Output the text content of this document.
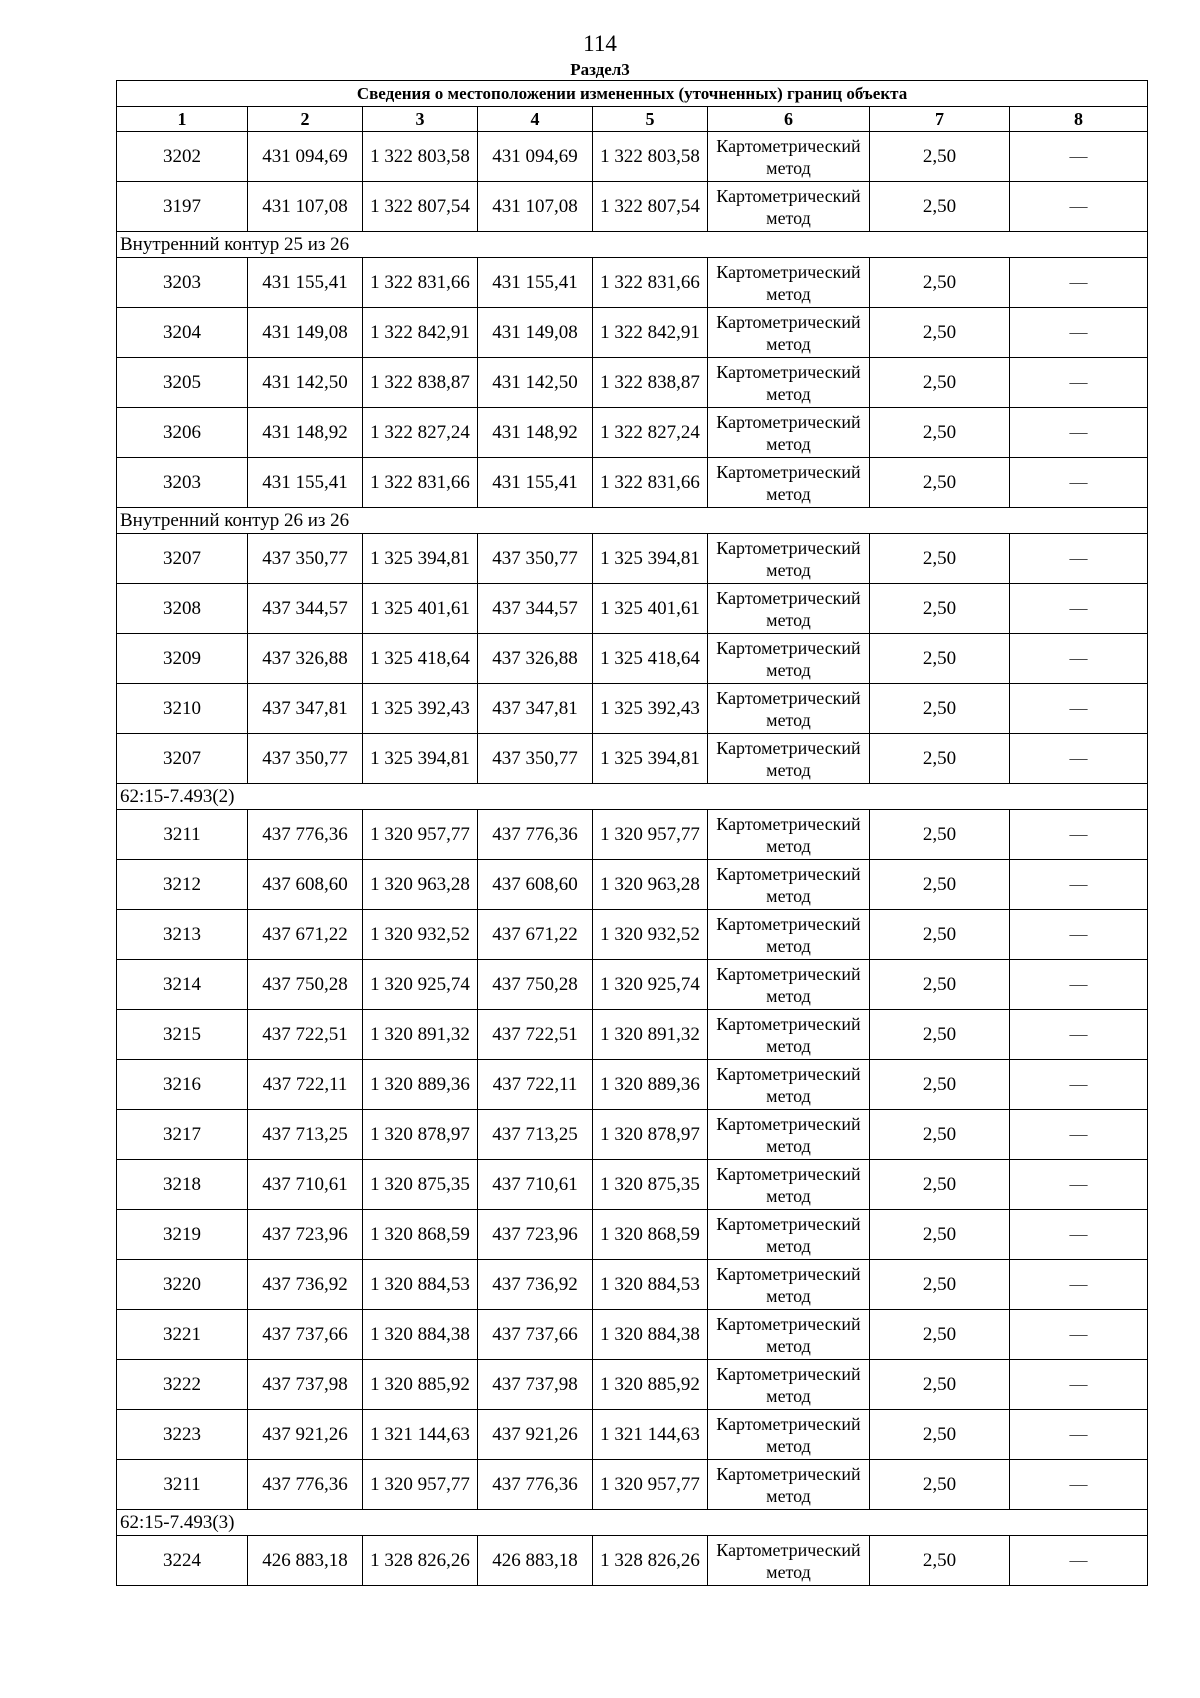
114
Раздел3
Сведения о местоположении измененных (уточненных) границ объекта							
1	2	3	4	5	6	7	8
3202	431 094,69	1 322 803,58	431 094,69	1 322 803,58	Картометрический метод	2,50	—
3197	431 107,08	1 322 807,54	431 107,08	1 322 807,54	Картометрический метод	2,50	—
Внутренний контур 25 из 26							
3203	431 155,41	1 322 831,66	431 155,41	1 322 831,66	Картометрический метод	2,50	—
3204	431 149,08	1 322 842,91	431 149,08	1 322 842,91	Картометрический метод	2,50	—
3205	431 142,50	1 322 838,87	431 142,50	1 322 838,87	Картометрический метод	2,50	—
3206	431 148,92	1 322 827,24	431 148,92	1 322 827,24	Картометрический метод	2,50	—
3203	431 155,41	1 322 831,66	431 155,41	1 322 831,66	Картометрический метод	2,50	—
Внутренний контур 26 из 26							
3207	437 350,77	1 325 394,81	437 350,77	1 325 394,81	Картометрический метод	2,50	—
3208	437 344,57	1 325 401,61	437 344,57	1 325 401,61	Картометрический метод	2,50	—
3209	437 326,88	1 325 418,64	437 326,88	1 325 418,64	Картометрический метод	2,50	—
3210	437 347,81	1 325 392,43	437 347,81	1 325 392,43	Картометрический метод	2,50	—
3207	437 350,77	1 325 394,81	437 350,77	1 325 394,81	Картометрический метод	2,50	—
62:15-7.493(2)							
3211	437 776,36	1 320 957,77	437 776,36	1 320 957,77	Картометрический метод	2,50	—
3212	437 608,60	1 320 963,28	437 608,60	1 320 963,28	Картометрический метод	2,50	—
3213	437 671,22	1 320 932,52	437 671,22	1 320 932,52	Картометрический метод	2,50	—
3214	437 750,28	1 320 925,74	437 750,28	1 320 925,74	Картометрический метод	2,50	—
3215	437 722,51	1 320 891,32	437 722,51	1 320 891,32	Картометрический метод	2,50	—
3216	437 722,11	1 320 889,36	437 722,11	1 320 889,36	Картометрический метод	2,50	—
3217	437 713,25	1 320 878,97	437 713,25	1 320 878,97	Картометрический метод	2,50	—
3218	437 710,61	1 320 875,35	437 710,61	1 320 875,35	Картометрический метод	2,50	—
3219	437 723,96	1 320 868,59	437 723,96	1 320 868,59	Картометрический метод	2,50	—
3220	437 736,92	1 320 884,53	437 736,92	1 320 884,53	Картометрический метод	2,50	—
3221	437 737,66	1 320 884,38	437 737,66	1 320 884,38	Картометрический метод	2,50	—
3222	437 737,98	1 320 885,92	437 737,98	1 320 885,92	Картометрический метод	2,50	—
3223	437 921,26	1 321 144,63	437 921,26	1 321 144,63	Картометрический метод	2,50	—
3211	437 776,36	1 320 957,77	437 776,36	1 320 957,77	Картометрический метод	2,50	—
62:15-7.493(3)							
3224	426 883,18	1 328 826,26	426 883,18	1 328 826,26	Картометрический метод	2,50	—
